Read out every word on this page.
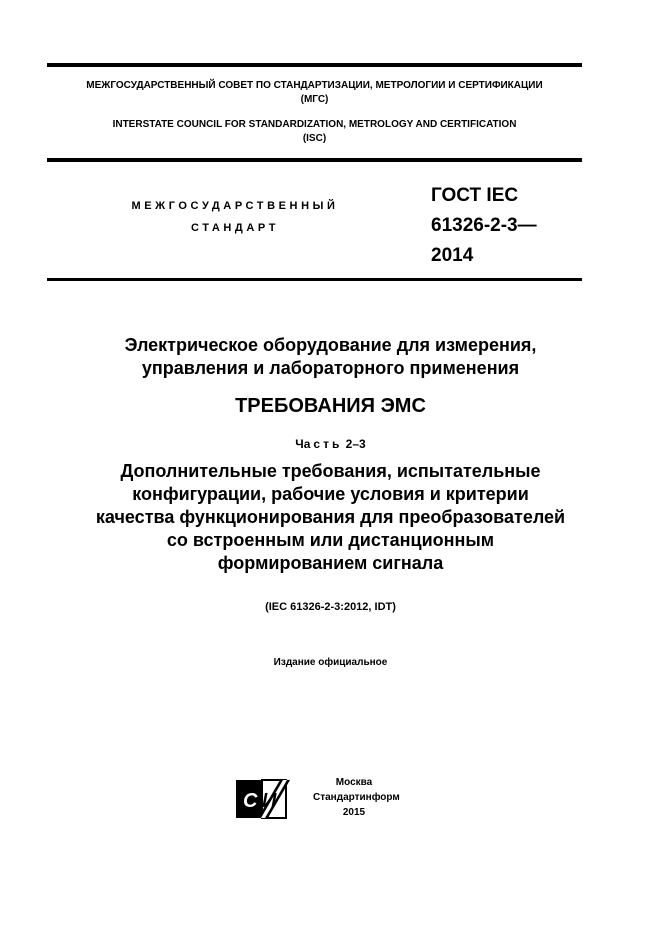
МЕЖГОСУДАРСТВЕННЫЙ СОВЕТ ПО СТАНДАРТИЗАЦИИ, МЕТРОЛОГИИ И СЕРТИФИКАЦИИ
(МГС)
INTERSTATE COUNCIL FOR STANDARDIZATION, METROLOGY AND CERTIFICATION
(ISC)
МЕЖГОСУДАРСТВЕННЫЙ
СТАНДАРТ
ГОСТ IEC
61326-2-3—
2014
Электрическое оборудование для измерения,
управления и лабораторного применения
ТРЕБОВАНИЯ ЭМС
Часть 2–3
Дополнительные требования, испытательные
конфигурации, рабочие условия и критерии
качества функционирования для преобразователей
со встроенным или дистанционным
формированием сигнала
(IEC 61326-2-3:2012, IDT)
Издание официальное
С И
Москва
Стандартинформ
2015
